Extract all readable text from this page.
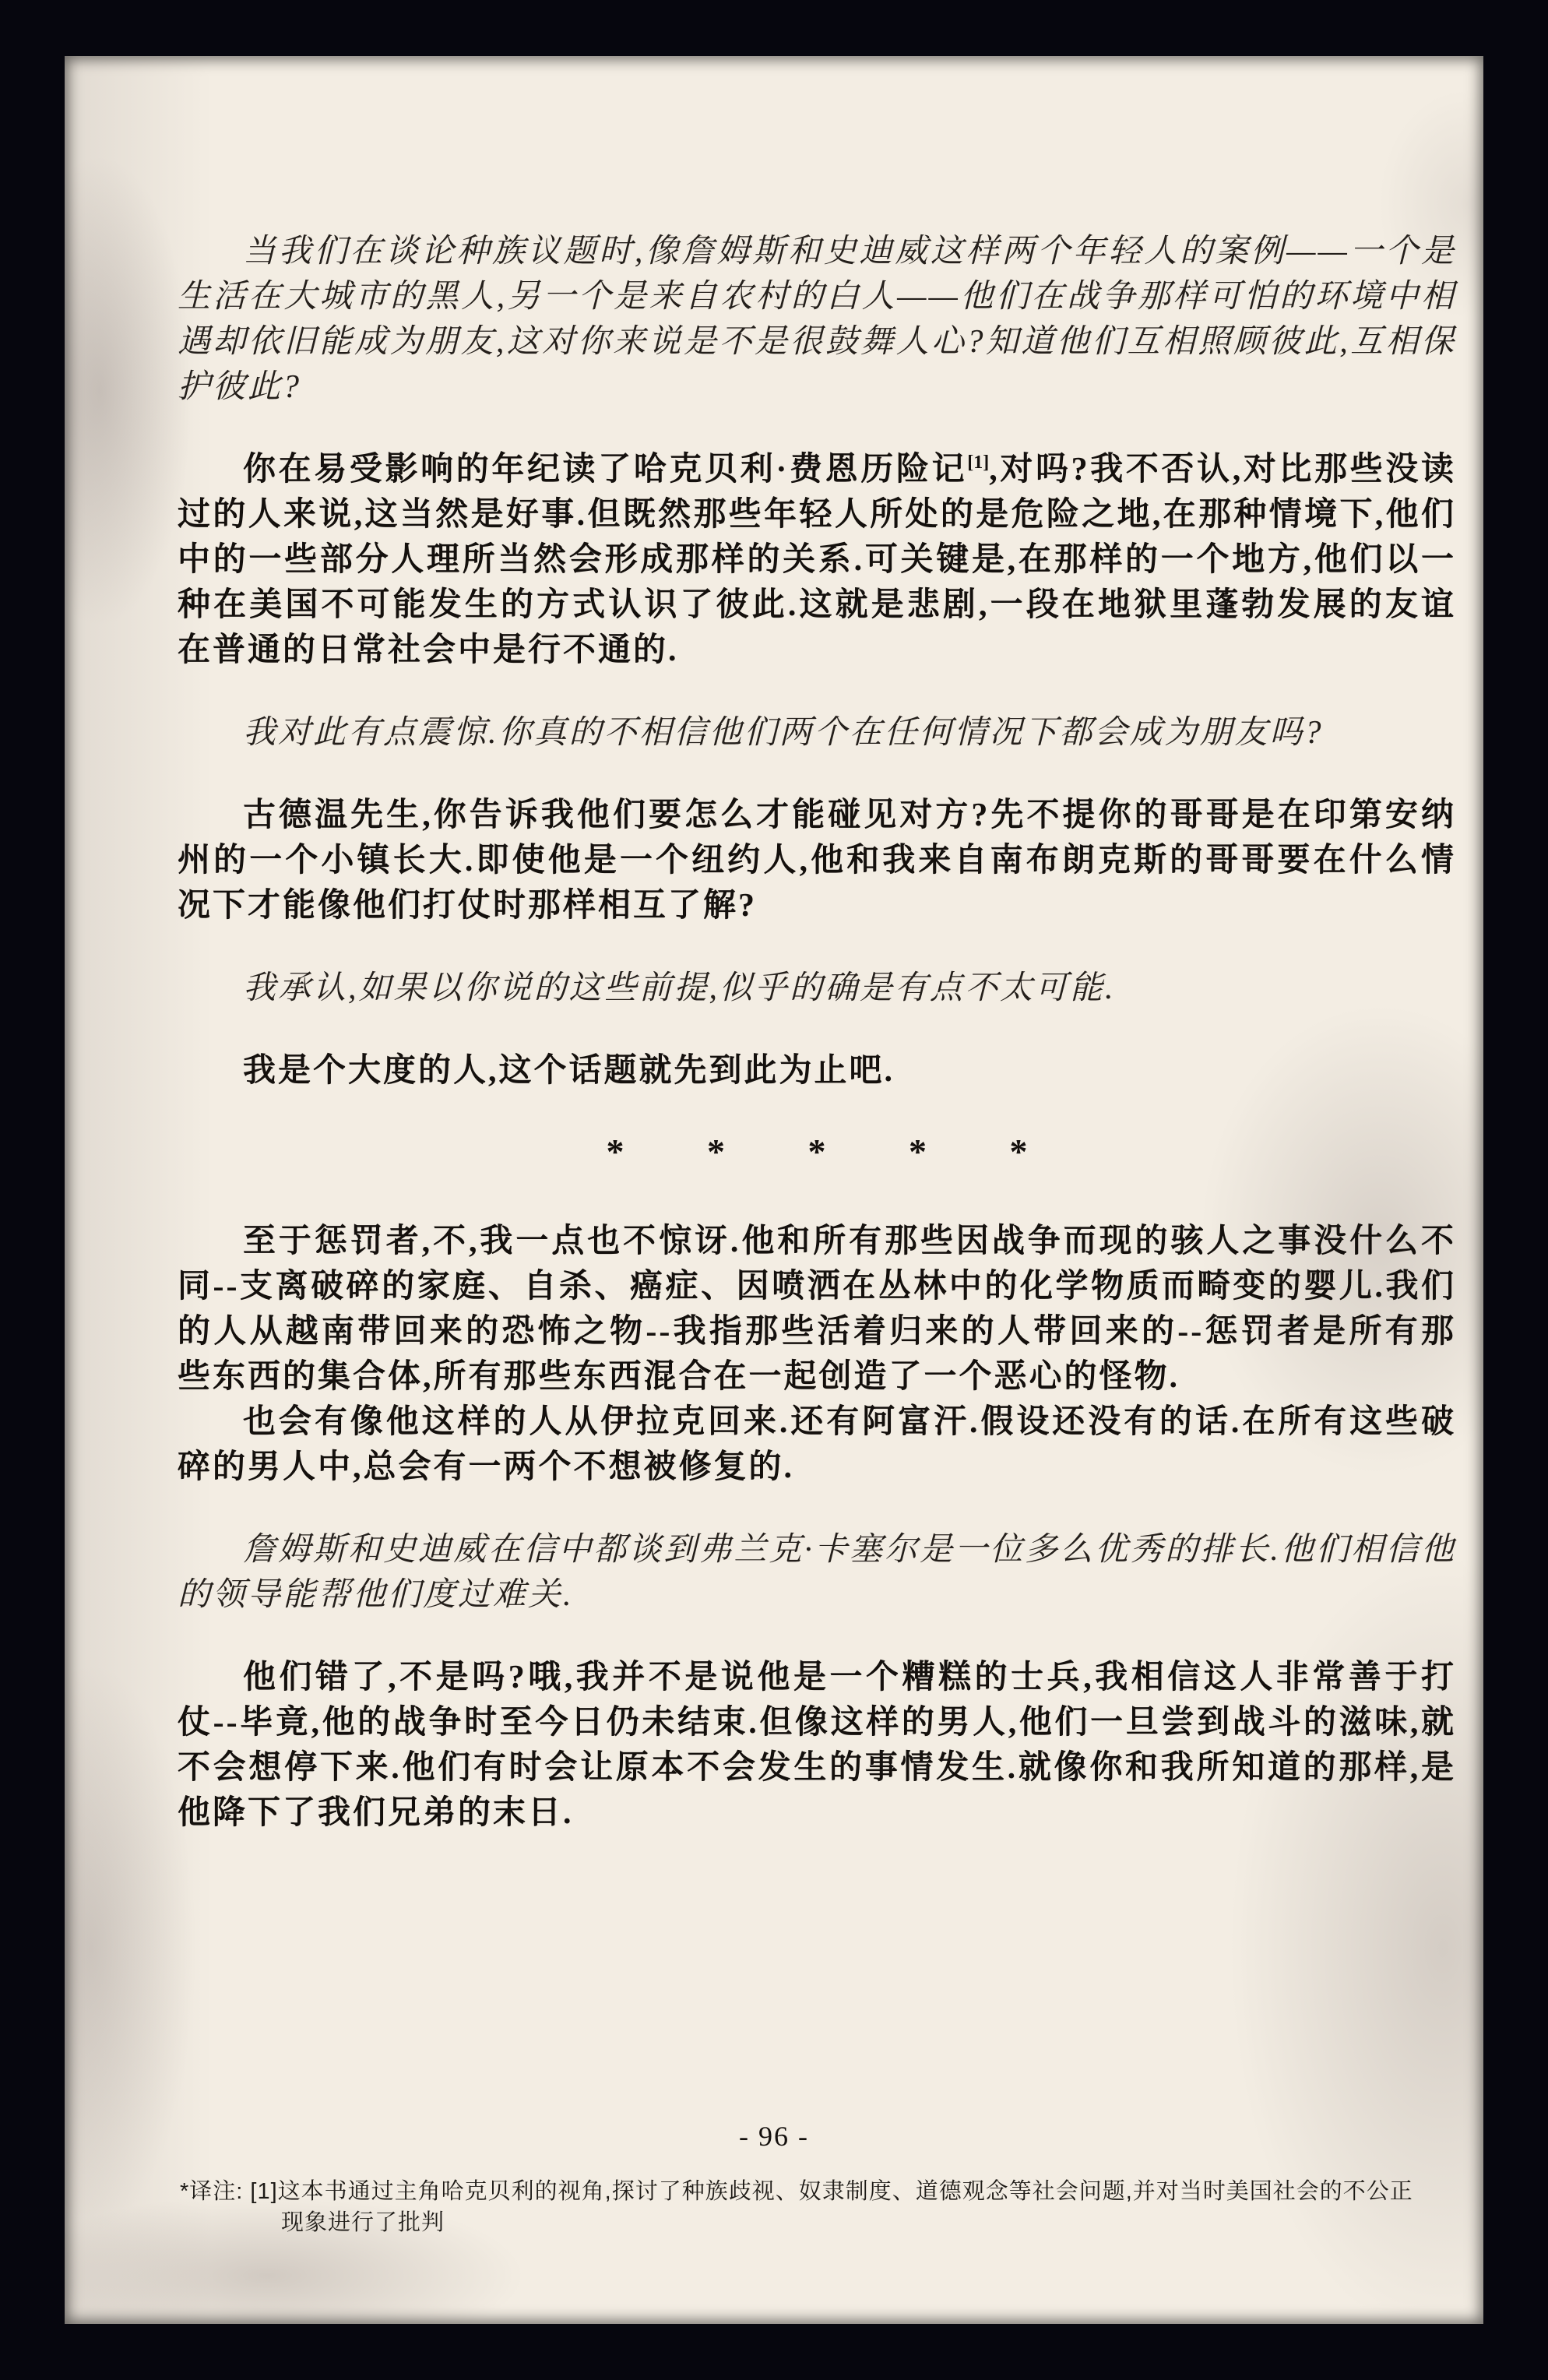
当我们在谈论种族议题时,像詹姆斯和史迪威这样两个年轻人的案例——一个是生活在大城市的黑人,另一个是来自农村的白人——他们在战争那样可怕的环境中相遇却依旧能成为朋友,这对你来说是不是很鼓舞人心?知道他们互相照顾彼此,互相保护彼此?

你在易受影响的年纪读了哈克贝利·费恩历险记[1],对吗?我不否认,对比那些没读过的人来说,这当然是好事.但既然那些年轻人所处的是危险之地,在那种情境下,他们中的一些部分人理所当然会形成那样的关系.可关键是,在那样的一个地方,他们以一种在美国不可能发生的方式认识了彼此.这就是悲剧,一段在地狱里蓬勃发展的友谊在普通的日常社会中是行不通的.

我对此有点震惊.你真的不相信他们两个在任何情况下都会成为朋友吗?

古德温先生,你告诉我他们要怎么才能碰见对方?先不提你的哥哥是在印第安纳州的一个小镇长大.即使他是一个纽约人,他和我来自南布朗克斯的哥哥要在什么情况下才能像他们打仗时那样相互了解?

我承认,如果以你说的这些前提,似乎的确是有点不太可能.

我是个大度的人,这个话题就先到此为止吧.

* * * * *

至于惩罚者,不,我一点也不惊讶.他和所有那些因战争而现的骇人之事没什么不同--支离破碎的家庭、自杀、癌症、因喷洒在丛林中的化学物质而畸变的婴儿.我们的人从越南带回来的恐怖之物--我指那些活着归来的人带回来的--惩罚者是所有那些东西的集合体,所有那些东西混合在一起创造了一个恶心的怪物.

也会有像他这样的人从伊拉克回来.还有阿富汗.假设还没有的话.在所有这些破碎的男人中,总会有一两个不想被修复的.

詹姆斯和史迪威在信中都谈到弗兰克·卡塞尔是一位多么优秀的排长.他们相信他的领导能帮他们度过难关.

他们错了,不是吗?哦,我并不是说他是一个糟糕的士兵,我相信这人非常善于打仗--毕竟,他的战争时至今日仍未结束.但像这样的男人,他们一旦尝到战斗的滋味,就不会想停下来.他们有时会让原本不会发生的事情发生.就像你和我所知道的那样,是他降下了我们兄弟的末日.

- 96 -
*译注: [1]这本书通过主角哈克贝利的视角,探讨了种族歧视、奴隶制度、道德观念等社会问题,并对当时美国社会的不公正
现象进行了批判
